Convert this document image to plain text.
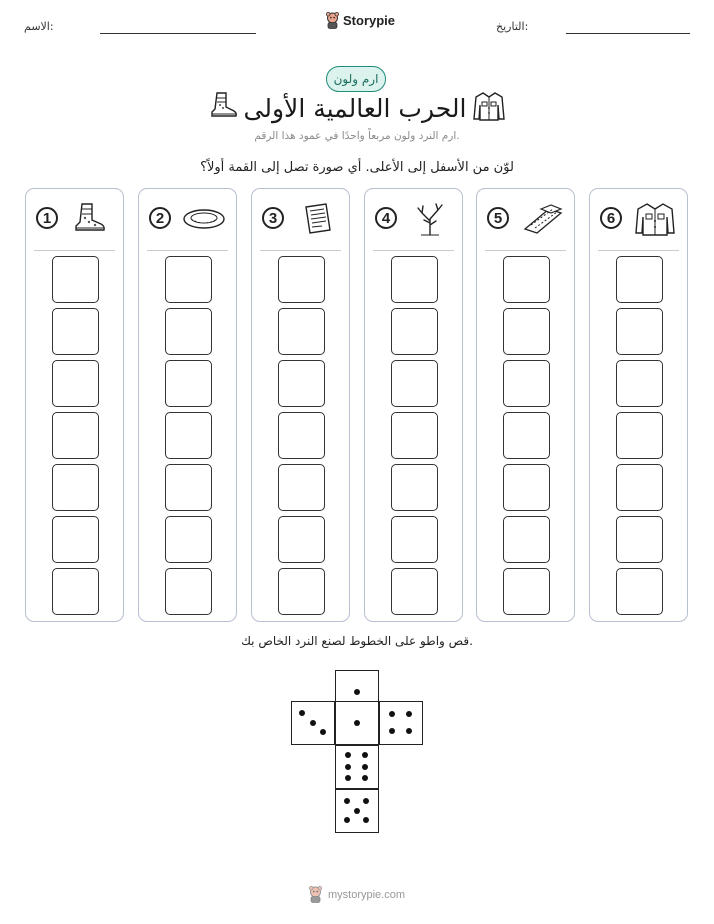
الاسم:	Storypie	التاريخ:
ارم ولون
الحرب العالمية الأولى
ارم النرد ولون مربعاً واحدًا في عمود هذا الرقم.
لوّن من الأسفل إلى الأعلى. أي صورة تصل إلى القمة أولاً؟
1	2	3	4	5	6
قص واطو على الخطوط لصنع النرد الخاص بك.
mystorypie.com
